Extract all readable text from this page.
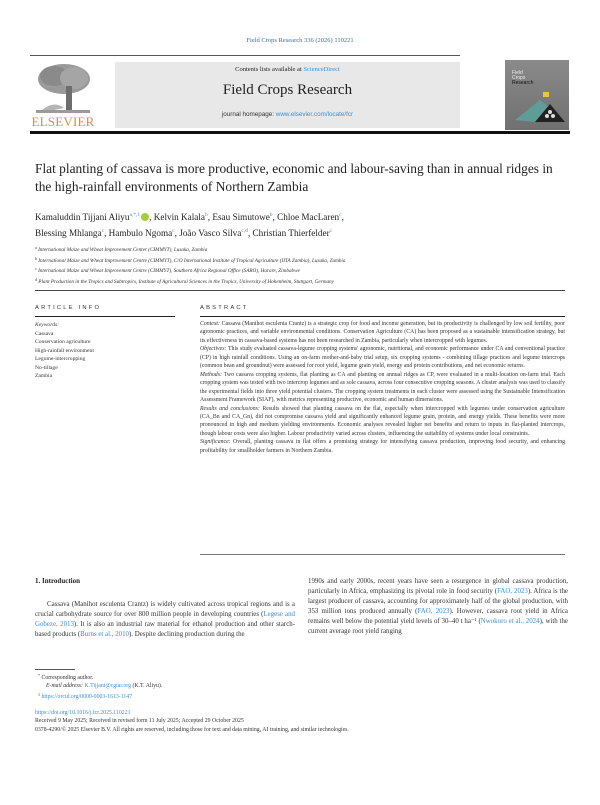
Field Crops Research 336 (2026) 110221
ELSEVIER
Contents lists available at ScienceDirect
Field Crops Research
journal homepage: www.elsevier.com/locate/fcr
Field
Crops
Research
Flat planting of cassava is more productive, economic and labour-saving than in annual ridges in the high-rainfall environments of Northern Zambia
Kamaluddin Tijjani Aliyu$^{a,*,1}$ , Kelvin Kalala$^b$, Esau Simutowe$^b$, Chloe MacLaren$^c$,
Blessing Mhlanga$^c$, Hambulo Ngoma$^c$, João Vasco Silva$^{c,d}$, Christian Thierfelder$^c$
$^a$ International Maize and Wheat Improvement Center (CIMMYT), Lusaka, Zambia
$^b$ International Maize and Wheat Improvement Centre (CIMMYT), C/O International Institute of Tropical Agriculture (IITA Zambia), Lusaka, Zambia
$^c$ International Maize and Wheat Improvement Centre (CIMMYT), Southern Africa Regional Office (SARO), Harare, Zimbabwe
$^d$ Plant Production in the Tropics and Subtropics, Institute of Agricultural Sciences in the Tropics, University of Hohenheim, Stuttgart, Germany
ARTICLE INFO
Keywords:
Cassava
Conservation agriculture
High-rainfall environment
Legume-intercropping
No-tillage
Zambia
ABSTRACT

Context: Cassava (Manihot esculenta Crantz) is a strategic crop for food and income generation, but its productivity is challenged by low soil fertility, poor agronomic practices, and variable environmental conditions. Conservation Agriculture (CA) has been proposed as a sustainable intensification strategy, but its effectiveness in cassava-based systems has not been researched in Zambia, particularly when intercropped with legumes.

Objectives: This study evaluated cassava-legume cropping systems' agronomic, nutritional, and economic performance under CA and conventional practice (CP) in high rainfall conditions. Using an on-farm mother-and-baby trial setup, six cropping systems - combining tillage practices and legume intercrops (common bean and groundnut) were assessed for root yield, legume grain yield, energy and protein contributions, and net economic returns.

Methods: Two cassava cropping systems, flat planting as CA and planting on annual ridges as CP, were evaluated in a multi-location on-farm trial. Each cropping system was tested with two intercrop legumes and as sole cassava, across four consecutive cropping seasons. A cluster analysis was used to classify the experimental fields into three yield potential clusters. The cropping system treatments in each cluster were assessed using the Sustainable Intensification Assessment Framework (SIAF), with metrics representing productive, economic and human dimensions.

Results and conclusions: Results showed that planting cassava on the flat, especially when intercropped with legumes under conservation agriculture (CA_Bn and CA_Gn), did not compromise cassava yield and significantly enhanced legume grain, protein, and energy yields. These benefits were more pronounced in high and medium yielding environments. Economic analyses revealed higher net benefits and return to inputs in flat-planted intercrops, though labour costs were also higher. Labour productivity varied across clusters, influencing the suitability of systems under local constraints.

Significance: Overall, planting cassava in flat offers a promising strategy for intensifying cassava production, improving food security, and enhancing profitability for smallholder farmers in Northern Zambia.

1. Introduction
Cassava (Manihot esculenta Crantz) is widely cultivated across tropical regions and is a crucial carbohydrate source for over 800 million people in developing countries (Legese and Gobeze, 2013). It is also an industrial raw material for ethanol production and other starch-based products (Burns et al., 2010). Despite declining production during the
1990s and early 2000s, recent years have seen a resurgence in global cassava production, particularly in Africa, emphasizing its pivotal role in food security (FAO, 2023). Africa is the largest producer of cassava, accounting for approximately half of the global production, with 353 million tons produced annually (FAO, 2023). However, cassava root yield in Africa remains well below the potential yield levels of 30–40 t ha⁻¹ (Nwokoro et al., 2024), with the current average root yield ranging
* Corresponding author.
E-mail address: K.Tijjani@cgiar.org (K.T. Aliyu).
$^1$ https://orcid.org/0000-0003-1613-1147
https://doi.org/10.1016/j.fcr.2025.110221
Received 9 May 2025; Received in revised form 11 July 2025; Accepted 29 October 2025
0378-4290/© 2025 Elsevier B.V. All rights are reserved, including those for text and data mining, AI training, and similar technologies.
